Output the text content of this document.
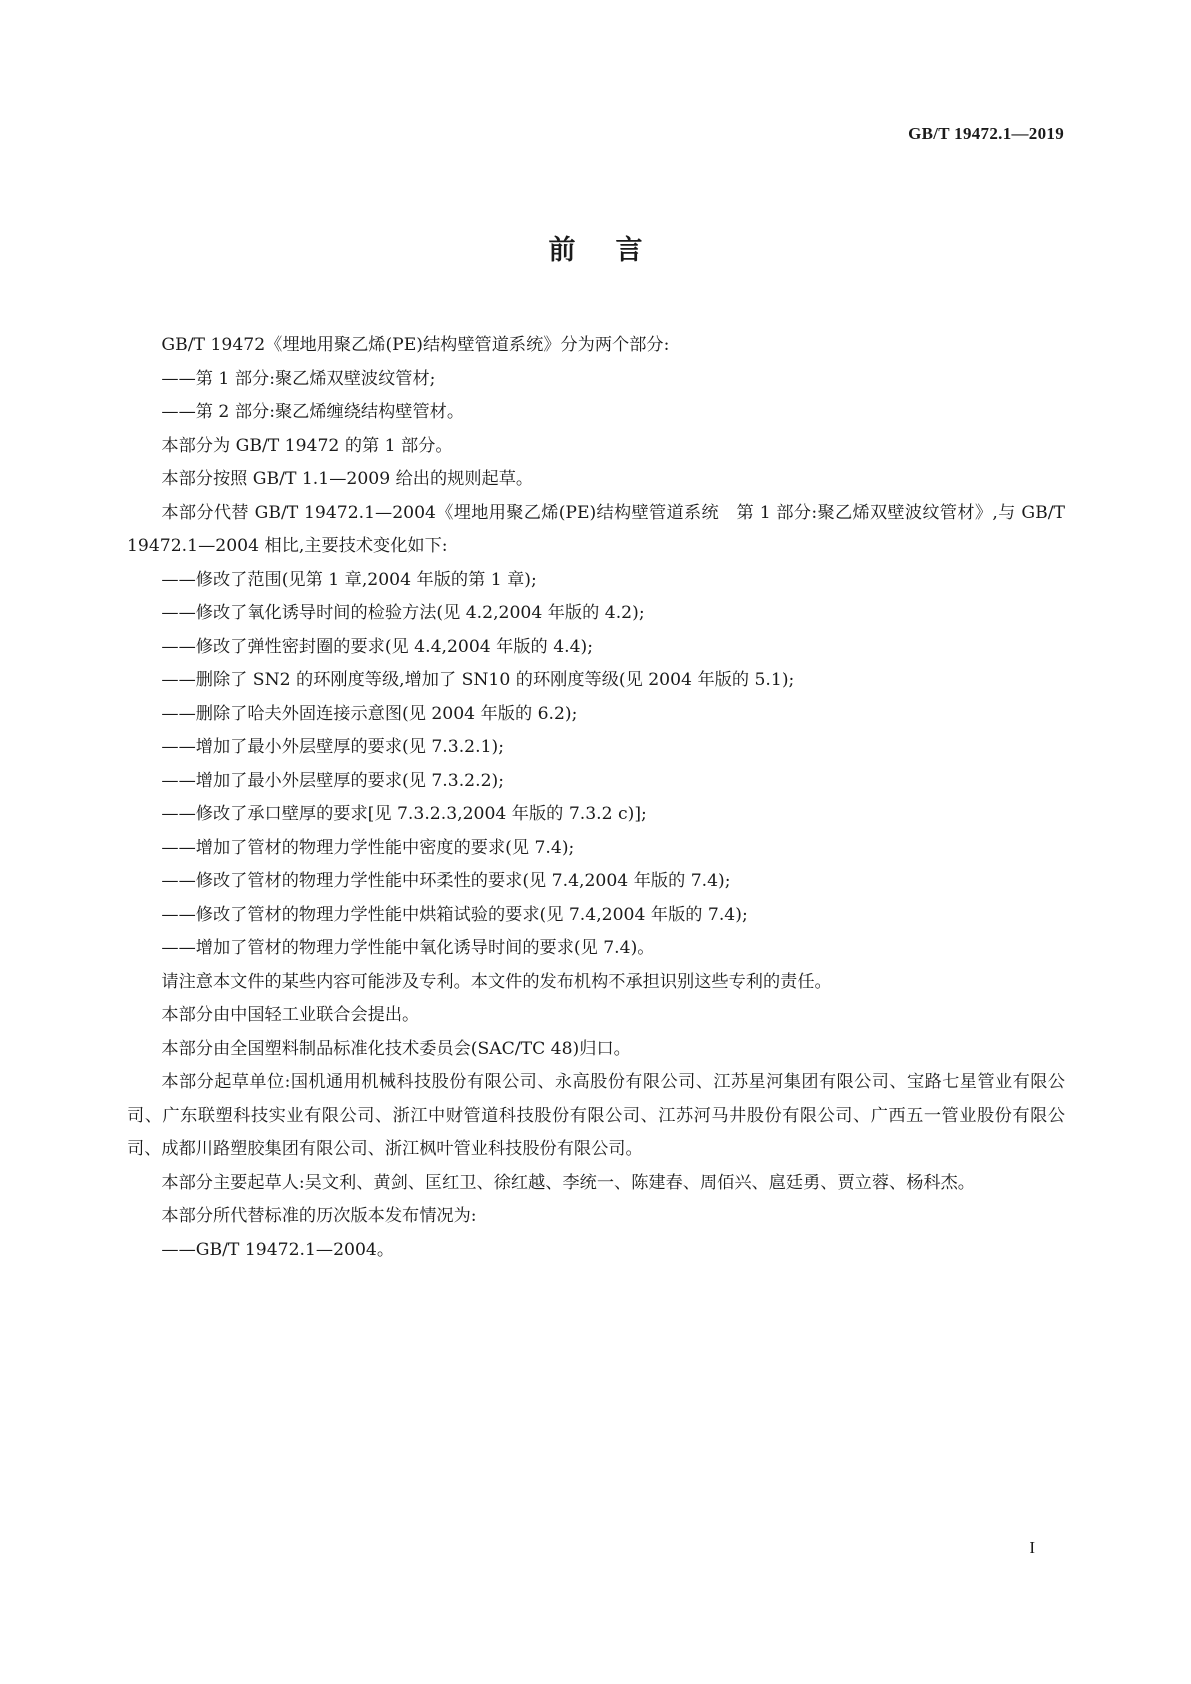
GB/T 19472.1—2019
前言

GB/T 19472《埋地用聚乙烯(PE)结构壁管道系统》分为两个部分:

——第 1 部分:聚乙烯双壁波纹管材;

——第 2 部分:聚乙烯缠绕结构壁管材。

本部分为 GB/T 19472 的第 1 部分。

本部分按照 GB/T 1.1—2009 给出的规则起草。

本部分代替 GB/T 19472.1—2004《埋地用聚乙烯(PE)结构壁管道系统　第 1 部分:聚乙烯双壁波纹管材》,与 GB/T 19472.1—2004 相比,主要技术变化如下:

——修改了范围(见第 1 章,2004 年版的第 1 章);

——修改了氧化诱导时间的检验方法(见 4.2,2004 年版的 4.2);

——修改了弹性密封圈的要求(见 4.4,2004 年版的 4.4);

——删除了 SN2 的环刚度等级,增加了 SN10 的环刚度等级(见 2004 年版的 5.1);

——删除了哈夫外固连接示意图(见 2004 年版的 6.2);

——增加了最小外层壁厚的要求(见 7.3.2.1);

——增加了最小外层壁厚的要求(见 7.3.2.2);

——修改了承口壁厚的要求[见 7.3.2.3,2004 年版的 7.3.2 c)];

——增加了管材的物理力学性能中密度的要求(见 7.4);

——修改了管材的物理力学性能中环柔性的要求(见 7.4,2004 年版的 7.4);

——修改了管材的物理力学性能中烘箱试验的要求(见 7.4,2004 年版的 7.4);

——增加了管材的物理力学性能中氧化诱导时间的要求(见 7.4)。

请注意本文件的某些内容可能涉及专利。本文件的发布机构不承担识别这些专利的责任。

本部分由中国轻工业联合会提出。

本部分由全国塑料制品标准化技术委员会(SAC/TC 48)归口。

本部分起草单位:国机通用机械科技股份有限公司、永高股份有限公司、江苏星河集团有限公司、宝路七星管业有限公司、广东联塑科技实业有限公司、浙江中财管道科技股份有限公司、江苏河马井股份有限公司、广西五一管业股份有限公司、成都川路塑胶集团有限公司、浙江枫叶管业科技股份有限公司。

本部分主要起草人:吴文利、黄剑、匡红卫、徐红越、李统一、陈建春、周佰兴、扈廷勇、贾立蓉、杨科杰。

本部分所代替标准的历次版本发布情况为:

——GB/T 19472.1—2004。

I
